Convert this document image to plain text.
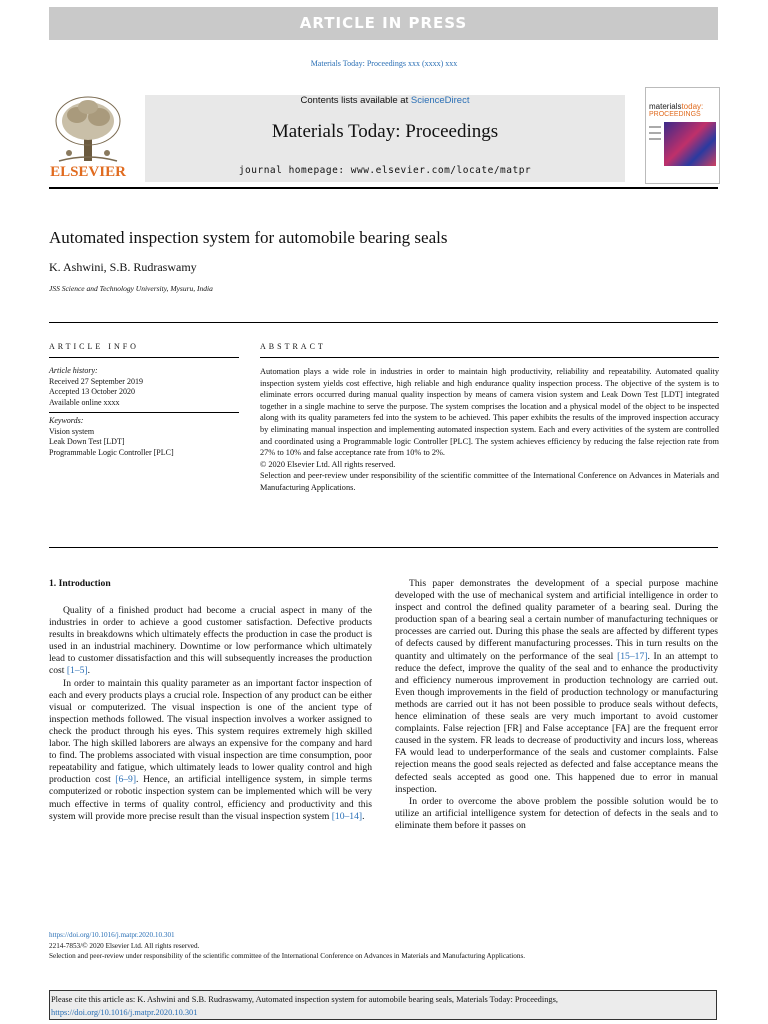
ARTICLE IN PRESS
Materials Today: Proceedings xxx (xxxx) xxx
ELSEVIER
Contents lists available at ScienceDirect
Materials Today: Proceedings
journal homepage: www.elsevier.com/locate/matpr
materialstoday:
PROCEEDINGS
Automated inspection system for automobile bearing seals
K. Ashwini, S.B. Rudraswamy
JSS Science and Technology University, Mysuru, India
ARTICLE INFO	ABSTRACT
Article history:
Received 27 September 2019
Accepted 13 October 2020
Available online xxxx
Keywords:
Vision system
Leak Down Test [LDT]
Programmable Logic Controller [PLC]
Automation plays a wide role in industries in order to maintain high productivity, reliability and repeatability. Automated quality inspection system yields cost effective, high reliable and high endurance quality inspection process. The objective of the system is to eliminate errors occurred during manual quality inspection by means of camera vision system and Leak Down Test [LDT] integrated together in a single machine to serve the purpose. The system comprises the location and a physical model of the object to be inspected along with its quality parameters fed into the system to be achieved. This paper exhibits the results of the improved inspection accuracy by eliminating manual inspection and implementing automated inspection system. Each and every activities of the system are controlled and coordinated using a Programmable logic Controller [PLC]. The system achieves efficiency by reducing the false rejection rate from 27% to 10% and false acceptance rate from 10% to 2%.
© 2020 Elsevier Ltd. All rights reserved.
Selection and peer-review under responsibility of the scientific committee of the International Conference on Advances in Materials and Manufacturing Applications.
1. Introduction

Quality of a finished product had become a crucial aspect in many of the industries in order to achieve a good customer satisfaction. Defective products results in breakdowns which ultimately effects the production in case the product is used in an industrial machinery. Downtime or low performance which ultimately lead to customer dissatisfaction and this will subsequently increases the production cost [1–5].

In order to maintain this quality parameter as an important factor inspection of each and every products plays a crucial role. Inspection of any product can be either visual or computerized. The visual inspection is one of the ancient type of inspection methods followed. The visual inspection involves a worker assigned to check the product through his eyes. This system requires extremely high skilled labor. The high skilled laborers are always an expensive for the company and hard to find. The problems associated with visual inspection are time consumption, poor repeatability and fatigue, which ultimately leads to lower quality control and high production cost [6–9]. Hence, an artificial intelligence system, in simple terms computerized or robotic inspection system can be implemented which will be very much effective in terms of quality control, efficiency and productivity and this system will provide more precise result than the visual inspection system [10–14].

This paper demonstrates the development of a special purpose machine developed with the use of mechanical system and artificial intelligence in order to inspect and control the defined quality parameter of a bearing seal. During the production span of a bearing seal a certain number of manufacturing techniques or processes are carried out. During this phase the seals are affected by different types of defects caused by different manufacturing processes. This in turn results on the quantity and ultimately on the performance of the seal [15–17]. In an attempt to reduce the defect, improve the quality of the seal and to enhance the productivity and efficiency numerous improvement in production technology are carried out. Even though improvements in the field of production technology or manufacturing methods are carried out it has not been possible to produce seals without defects, hence elimination of these seals are very much important to avoid customer complaints. False rejection [FR] and False acceptance [FA] are the frequent error caused in the system. FR leads to decrease of productivity and incurs loss, whereas FA would lead to underperformance of the seals and customer complaints. False rejection means the good seals rejected as defected and false acceptance means the defected seals accepted as good one. This happened due to error in manual inspection.

In order to overcome the above problem the possible solution would be to utilize an artificial intelligence system for detection of defects in the seals and to eliminate them before it passes on

https://doi.org/10.1016/j.matpr.2020.10.301
2214-7853/© 2020 Elsevier Ltd. All rights reserved.
Selection and peer-review under responsibility of the scientific committee of the International Conference on Advances in Materials and Manufacturing Applications.
Please cite this article as: K. Ashwini and S.B. Rudraswamy, Automated inspection system for automobile bearing seals, Materials Today: Proceedings,
https://doi.org/10.1016/j.matpr.2020.10.301
